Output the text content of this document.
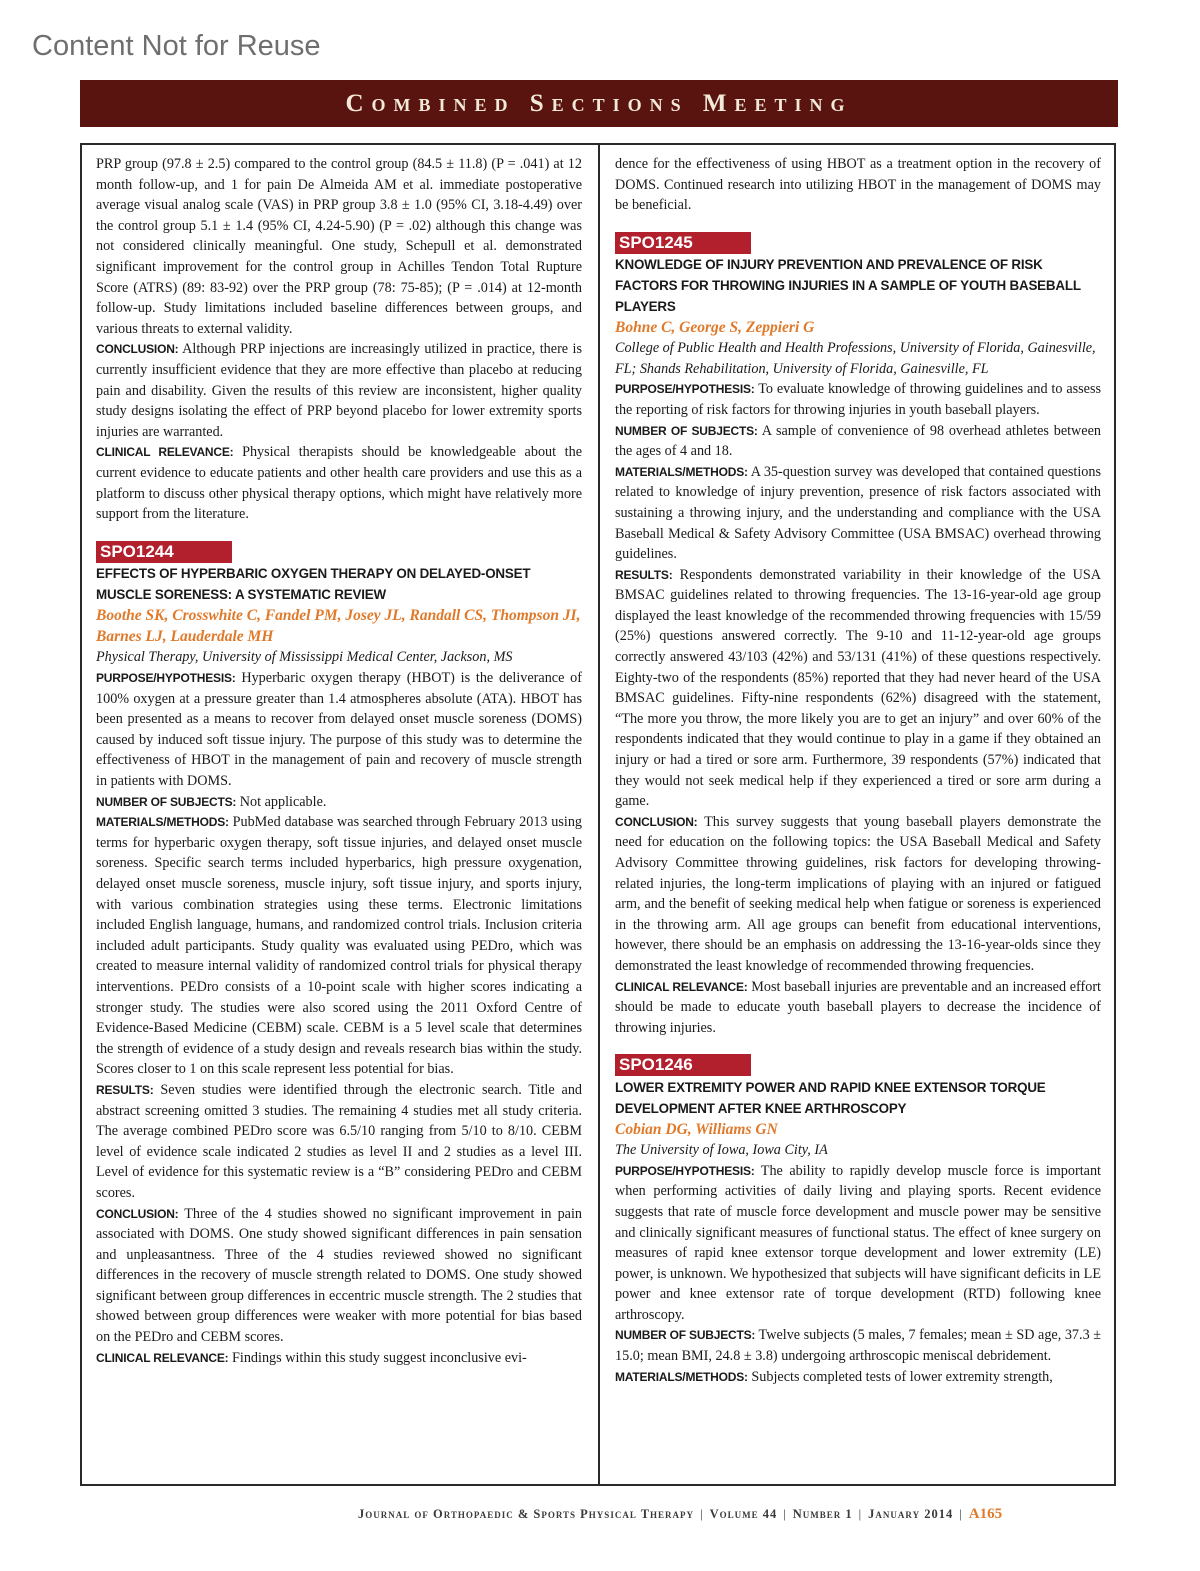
Content Not for Reuse
Combined Sections Meeting

PRP group (97.8 ± 2.5) compared to the control group (84.5 ± 11.8) (P = .041) at 12 month follow-up, and 1 for pain De Almeida AM et al. immediate postoperative average visual analog scale (VAS) in PRP group 3.8 ± 1.0 (95% CI, 3.18-4.49) over the control group 5.1 ± 1.4 (95% CI, 4.24-5.90) (P = .02) although this change was not considered clinically meaningful. One study, Schepull et al. demonstrated significant improvement for the control group in Achilles Tendon Total Rupture Score (ATRS) (89: 83-92) over the PRP group (78: 75-85); (P = .014) at 12-month follow-up. Study limitations included baseline differences between groups, and various threats to external validity.

CONCLUSION: Although PRP injections are increasingly utilized in practice, there is currently insufficient evidence that they are more effective than placebo at reducing pain and disability. Given the results of this review are inconsistent, higher quality study designs isolating the effect of PRP beyond placebo for lower extremity sports injuries are warranted.

CLINICAL RELEVANCE: Physical therapists should be knowledgeable about the current evidence to educate patients and other health care providers and use this as a platform to discuss other physical therapy options, which might have relatively more support from the literature.

SPO1244
EFFECTS OF HYPERBARIC OXYGEN THERAPY ON DELAYED-ONSET MUSCLE SORENESS: A SYSTEMATIC REVIEW
Boothe SK, Crosswhite C, Fandel PM, Josey JL, Randall CS, Thompson JI, Barnes LJ, Lauderdale MH
Physical Therapy, University of Mississippi Medical Center, Jackson, MS

PURPOSE/HYPOTHESIS: Hyperbaric oxygen therapy (HBOT) is the deliverance of 100% oxygen at a pressure greater than 1.4 atmospheres absolute (ATA). HBOT has been presented as a means to recover from delayed onset muscle soreness (DOMS) caused by induced soft tissue injury. The purpose of this study was to determine the effectiveness of HBOT in the management of pain and recovery of muscle strength in patients with DOMS.

NUMBER OF SUBJECTS: Not applicable.

MATERIALS/METHODS: PubMed database was searched through February 2013 using terms for hyperbaric oxygen therapy, soft tissue injuries, and delayed onset muscle soreness. Specific search terms included hyperbarics, high pressure oxygenation, delayed onset muscle soreness, muscle injury, soft tissue injury, and sports injury, with various combination strategies using these terms. Electronic limitations included English language, humans, and randomized control trials. Inclusion criteria included adult participants. Study quality was evaluated using PEDro, which was created to measure internal validity of randomized control trials for physical therapy interventions. PEDro consists of a 10-point scale with higher scores indicating a stronger study. The studies were also scored using the 2011 Oxford Centre of Evidence-Based Medicine (CEBM) scale. CEBM is a 5 level scale that determines the strength of evidence of a study design and reveals research bias within the study. Scores closer to 1 on this scale represent less potential for bias.

RESULTS: Seven studies were identified through the electronic search. Title and abstract screening omitted 3 studies. The remaining 4 studies met all study criteria. The average combined PEDro score was 6.5/10 ranging from 5/10 to 8/10. CEBM level of evidence scale indicated 2 studies as level II and 2 studies as a level III. Level of evidence for this systematic review is a “B” considering PEDro and CEBM scores.

CONCLUSION: Three of the 4 studies showed no significant improvement in pain associated with DOMS. One study showed significant differences in pain sensation and unpleasantness. Three of the 4 studies reviewed showed no significant differences in the recovery of muscle strength related to DOMS. One study showed significant between group differences in eccentric muscle strength. The 2 studies that showed between group differences were weaker with more potential for bias based on the PEDro and CEBM scores.

CLINICAL RELEVANCE: Findings within this study suggest inconclusive evi-

dence for the effectiveness of using HBOT as a treatment option in the recovery of DOMS. Continued research into utilizing HBOT in the management of DOMS may be beneficial.

SPO1245
KNOWLEDGE OF INJURY PREVENTION AND PREVALENCE OF RISK FACTORS FOR THROWING INJURIES IN A SAMPLE OF YOUTH BASEBALL PLAYERS
Bohne C, George S, Zeppieri G
College of Public Health and Health Professions, University of Florida, Gainesville, FL; Shands Rehabilitation, University of Florida, Gainesville, FL

PURPOSE/HYPOTHESIS: To evaluate knowledge of throwing guidelines and to assess the reporting of risk factors for throwing injuries in youth baseball players.

NUMBER OF SUBJECTS: A sample of convenience of 98 overhead athletes between the ages of 4 and 18.

MATERIALS/METHODS: A 35-question survey was developed that contained questions related to knowledge of injury prevention, presence of risk factors associated with sustaining a throwing injury, and the understanding and compliance with the USA Baseball Medical & Safety Advisory Committee (USA BMSAC) overhead throwing guidelines.

RESULTS: Respondents demonstrated variability in their knowledge of the USA BMSAC guidelines related to throwing frequencies. The 13-16-year-old age group displayed the least knowledge of the recommended throwing frequencies with 15/59 (25%) questions answered correctly. The 9-10 and 11-12-year-old age groups correctly answered 43/103 (42%) and 53/131 (41%) of these questions respectively. Eighty-two of the respondents (85%) reported that they had never heard of the USA BMSAC guidelines. Fifty-nine respondents (62%) disagreed with the statement, “The more you throw, the more likely you are to get an injury” and over 60% of the respondents indicated that they would continue to play in a game if they obtained an injury or had a tired or sore arm. Furthermore, 39 respondents (57%) indicated that they would not seek medical help if they experienced a tired or sore arm during a game.

CONCLUSION: This survey suggests that young baseball players demonstrate the need for education on the following topics: the USA Baseball Medical and Safety Advisory Committee throwing guidelines, risk factors for developing throwing-related injuries, the long-term implications of playing with an injured or fatigued arm, and the benefit of seeking medical help when fatigue or soreness is experienced in the throwing arm. All age groups can benefit from educational interventions, however, there should be an emphasis on addressing the 13-16-year-olds since they demonstrated the least knowledge of recommended throwing frequencies.

CLINICAL RELEVANCE: Most baseball injuries are preventable and an increased effort should be made to educate youth baseball players to decrease the incidence of throwing injuries.

SPO1246
LOWER EXTREMITY POWER AND RAPID KNEE EXTENSOR TORQUE DEVELOPMENT AFTER KNEE ARTHROSCOPY
Cobian DG, Williams GN
The University of Iowa, Iowa City, IA

PURPOSE/HYPOTHESIS: The ability to rapidly develop muscle force is important when performing activities of daily living and playing sports. Recent evidence suggests that rate of muscle force development and muscle power may be sensitive and clinically significant measures of functional status. The effect of knee surgery on measures of rapid knee extensor torque development and lower extremity (LE) power, is unknown. We hypothesized that subjects will have significant deficits in LE power and knee extensor rate of torque development (RTD) following knee arthroscopy.

NUMBER OF SUBJECTS: Twelve subjects (5 males, 7 females; mean ± SD age, 37.3 ± 15.0; mean BMI, 24.8 ± 3.8) undergoing arthroscopic meniscal debridement.

MATERIALS/METHODS: Subjects completed tests of lower extremity strength,

Journal of Orthopaedic & Sports Physical Therapy | Volume 44 | Number 1 | January 2014 | A165
